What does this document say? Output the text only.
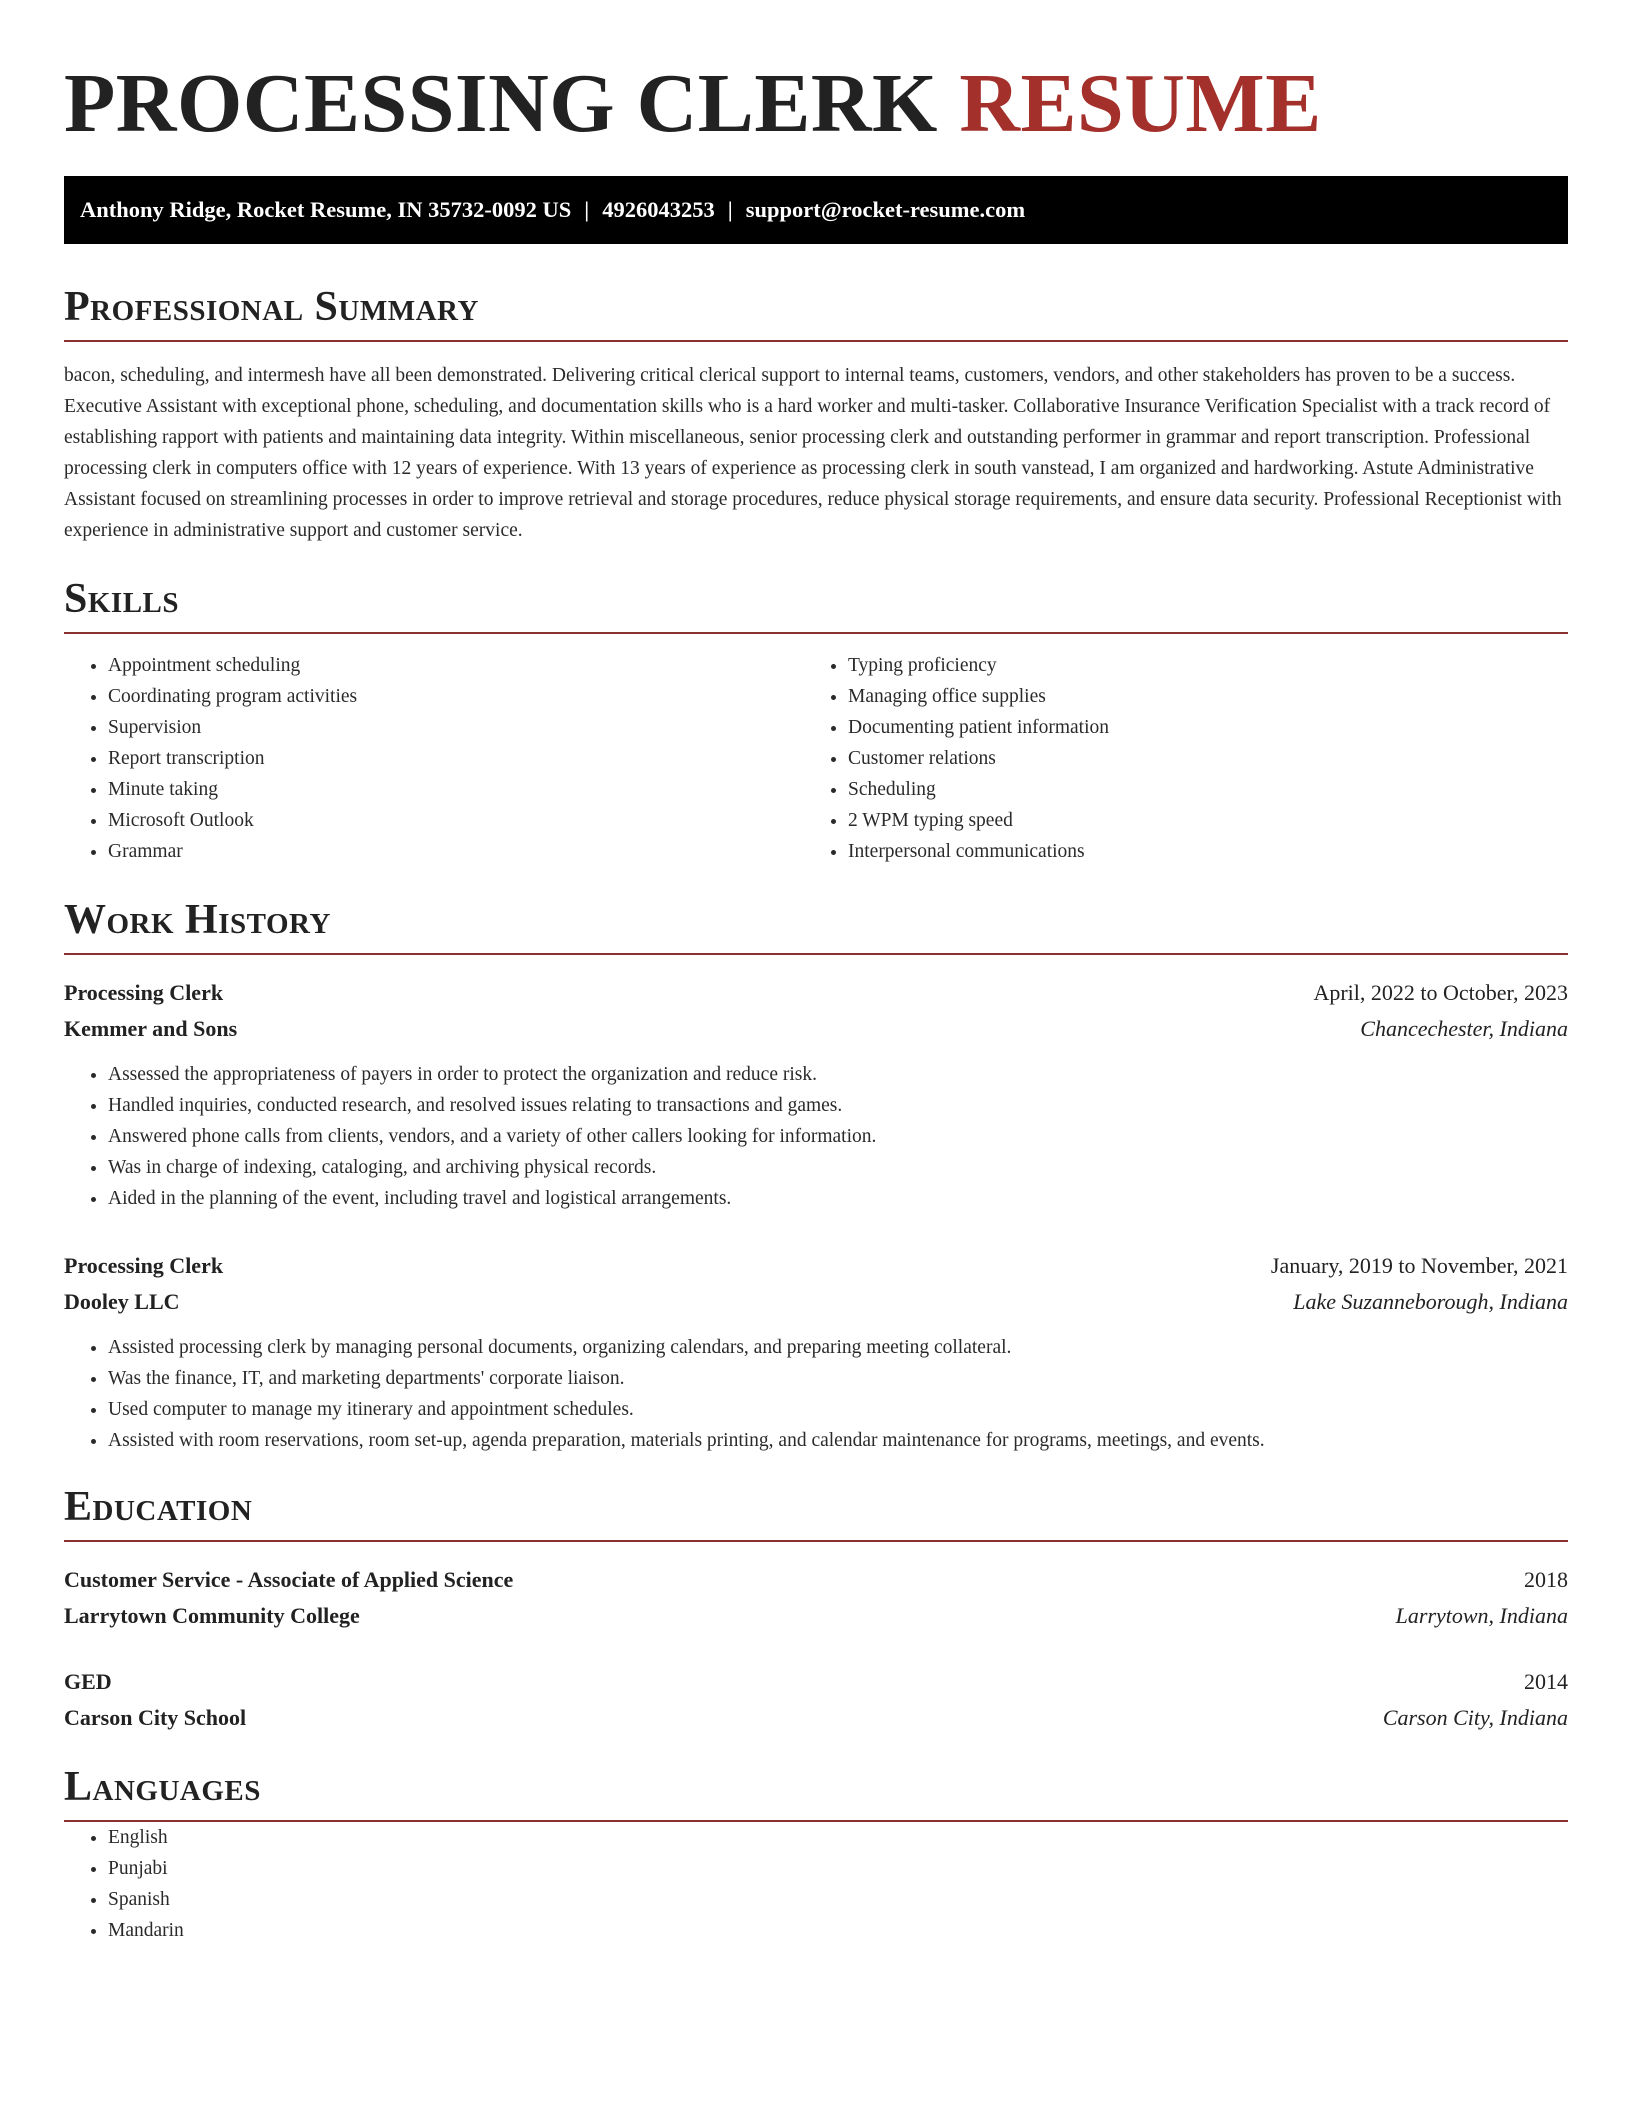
PROCESSING CLERK RESUME
Anthony Ridge, Rocket Resume, IN 35732-0092 US | 4926043253 | support@rocket-resume.com
Professional Summary

bacon, scheduling, and intermesh have all been demonstrated. Delivering critical clerical support to internal teams, customers, vendors, and other stakeholders has proven to be a success. Executive Assistant with exceptional phone, scheduling, and documentation skills who is a hard worker and multi-tasker. Collaborative Insurance Verification Specialist with a track record of establishing rapport with patients and maintaining data integrity. Within miscellaneous, senior processing clerk and outstanding performer in grammar and report transcription. Professional processing clerk in computers office with 12 years of experience. With 13 years of experience as processing clerk in south vanstead, I am organized and hardworking. Astute Administrative Assistant focused on streamlining processes in order to improve retrieval and storage procedures, reduce physical storage requirements, and ensure data security. Professional Receptionist with experience in administrative support and customer service.

Skills
• Appointment scheduling
• Coordinating program activities
• Supervision
• Report transcription
• Minute taking
• Microsoft Outlook
• Grammar
• Typing proficiency
• Managing office supplies
• Documenting patient information
• Customer relations
• Scheduling
• 2 WPM typing speed
• Interpersonal communications
Work History
Processing Clerk	April, 2022 to October, 2023
Kemmer and Sons	Chancechester, Indiana
• Assessed the appropriateness of payers in order to protect the organization and reduce risk.
• Handled inquiries, conducted research, and resolved issues relating to transactions and games.
• Answered phone calls from clients, vendors, and a variety of other callers looking for information.
• Was in charge of indexing, cataloging, and archiving physical records.
• Aided in the planning of the event, including travel and logistical arrangements.
Processing Clerk	January, 2019 to November, 2021
Dooley LLC	Lake Suzanneborough, Indiana
• Assisted processing clerk by managing personal documents, organizing calendars, and preparing meeting collateral.
• Was the finance, IT, and marketing departments' corporate liaison.
• Used computer to manage my itinerary and appointment schedules.
• Assisted with room reservations, room set-up, agenda preparation, materials printing, and calendar maintenance for programs, meetings, and events.
Education
Customer Service - Associate of Applied Science	2018
Larrytown Community College	Larrytown, Indiana
GED	2014
Carson City School	Carson City, Indiana
Languages
• English
• Punjabi
• Spanish
• Mandarin
